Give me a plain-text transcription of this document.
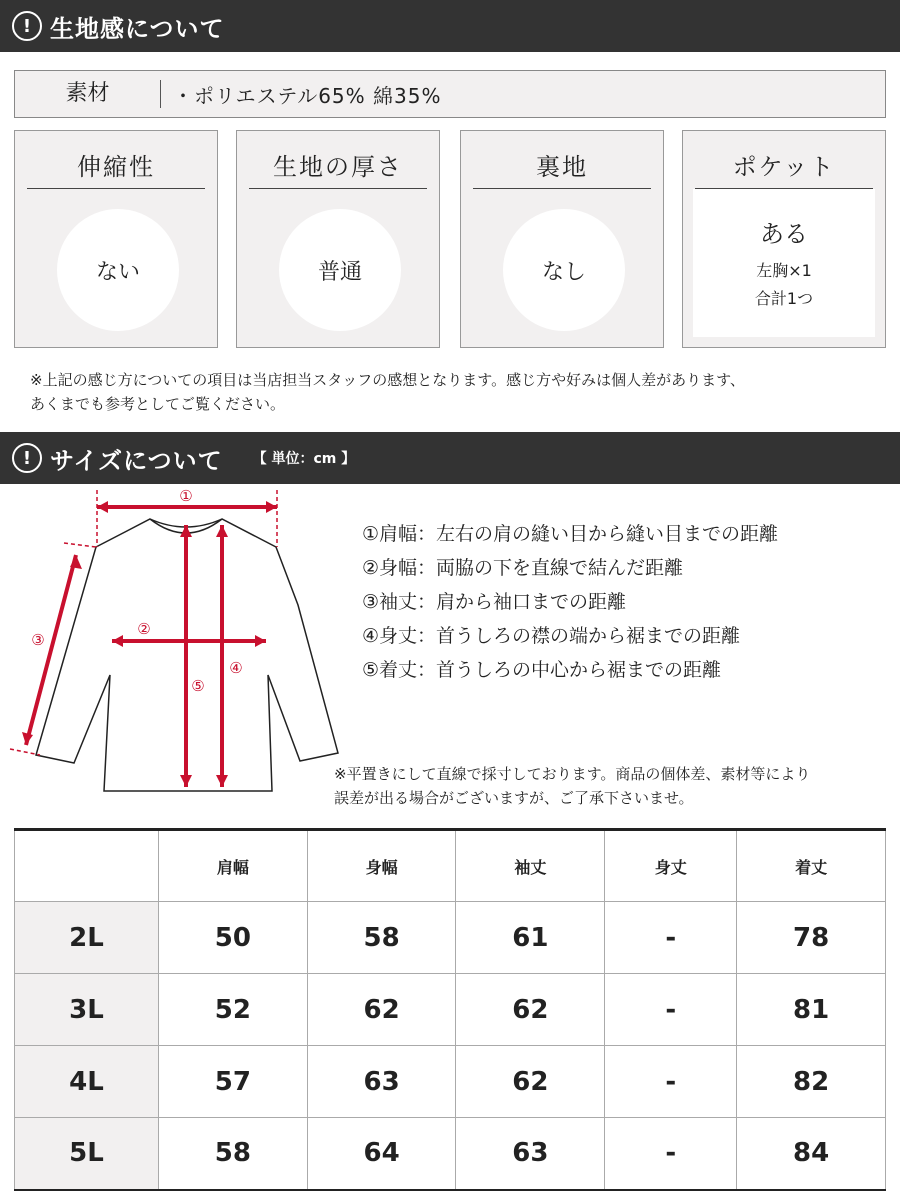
! 生地感について
素材	・ポリエステル65% 綿35%
伸縮性
ない
生地の厚さ
普通
裏地
なし
ポケット
ある
左胸×1
合計1つ
※上記の感じ方についての項目は当店担当スタッフの感想となります。感じ方や好みは個人差があります、
あくまでも参考としてご覧ください。
! サイズについて 【 単位：cm 】
①
②
③
④
⑤
①肩幅：左右の肩の縫い目から縫い目までの距離
②身幅：両脇の下を直線で結んだ距離
③袖丈：肩から袖口までの距離
④身丈：首うしろの襟の端から裾までの距離
⑤着丈：首うしろの中心から裾までの距離
※平置きにして直線で採寸しております。商品の個体差、素材等により
誤差が出る場合がございますが、ご了承下さいませ。
	肩幅	身幅	袖丈	身丈	着丈
2L	50	58	61	-	78
3L	52	62	62	-	81
4L	57	63	62	-	82
5L	58	64	63	-	84
